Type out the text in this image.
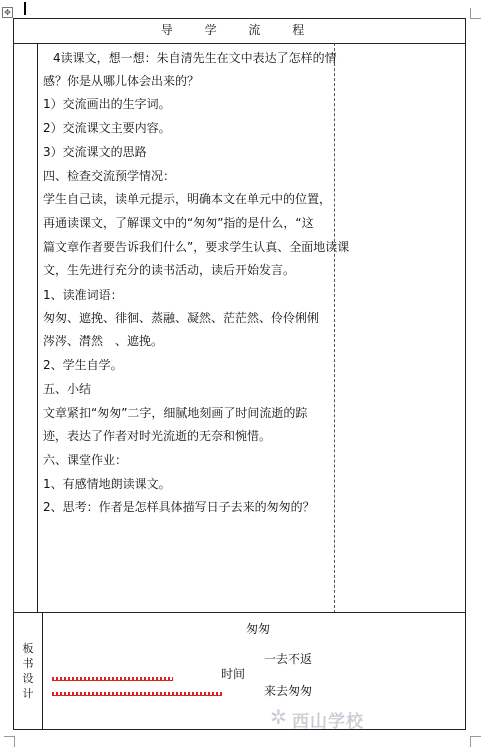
✥
导 学 流 程
4读课文，想一想：朱自清先生在文中表达了怎样的情
感？你是从哪儿体会出来的？
1）交流画出的生字词。
2）交流课文主要内容。
3）交流课文的思路
四、检查交流预学情况：
学生自己读，读单元提示，明确本文在单元中的位置，
再通读课文，了解课文中的“匆匆”指的是什么，“这
篇文章作者要告诉我们什么”，要求学生认真、全面地读课
文，生先进行充分的读书活动，读后开始发言。
1、读准词语：
匆匆、遮挽、徘徊、蒸融、凝然、茫茫然、伶伶俐俐
涔涔、潸然　、遮挽。
2、学生自学。
五、小结
文章紧扣“匆匆”二字，细腻地刻画了时间流逝的踪
迹，表达了作者对时光流逝的无奈和惋惜。
六、课堂作业：
1、有感情地朗读课文。
2、思考：作者是怎样具体描写日子去来的匆匆的？
板
书
设
计
匆匆
一去不返
时间
来去匆匆
✲ 西山学校
